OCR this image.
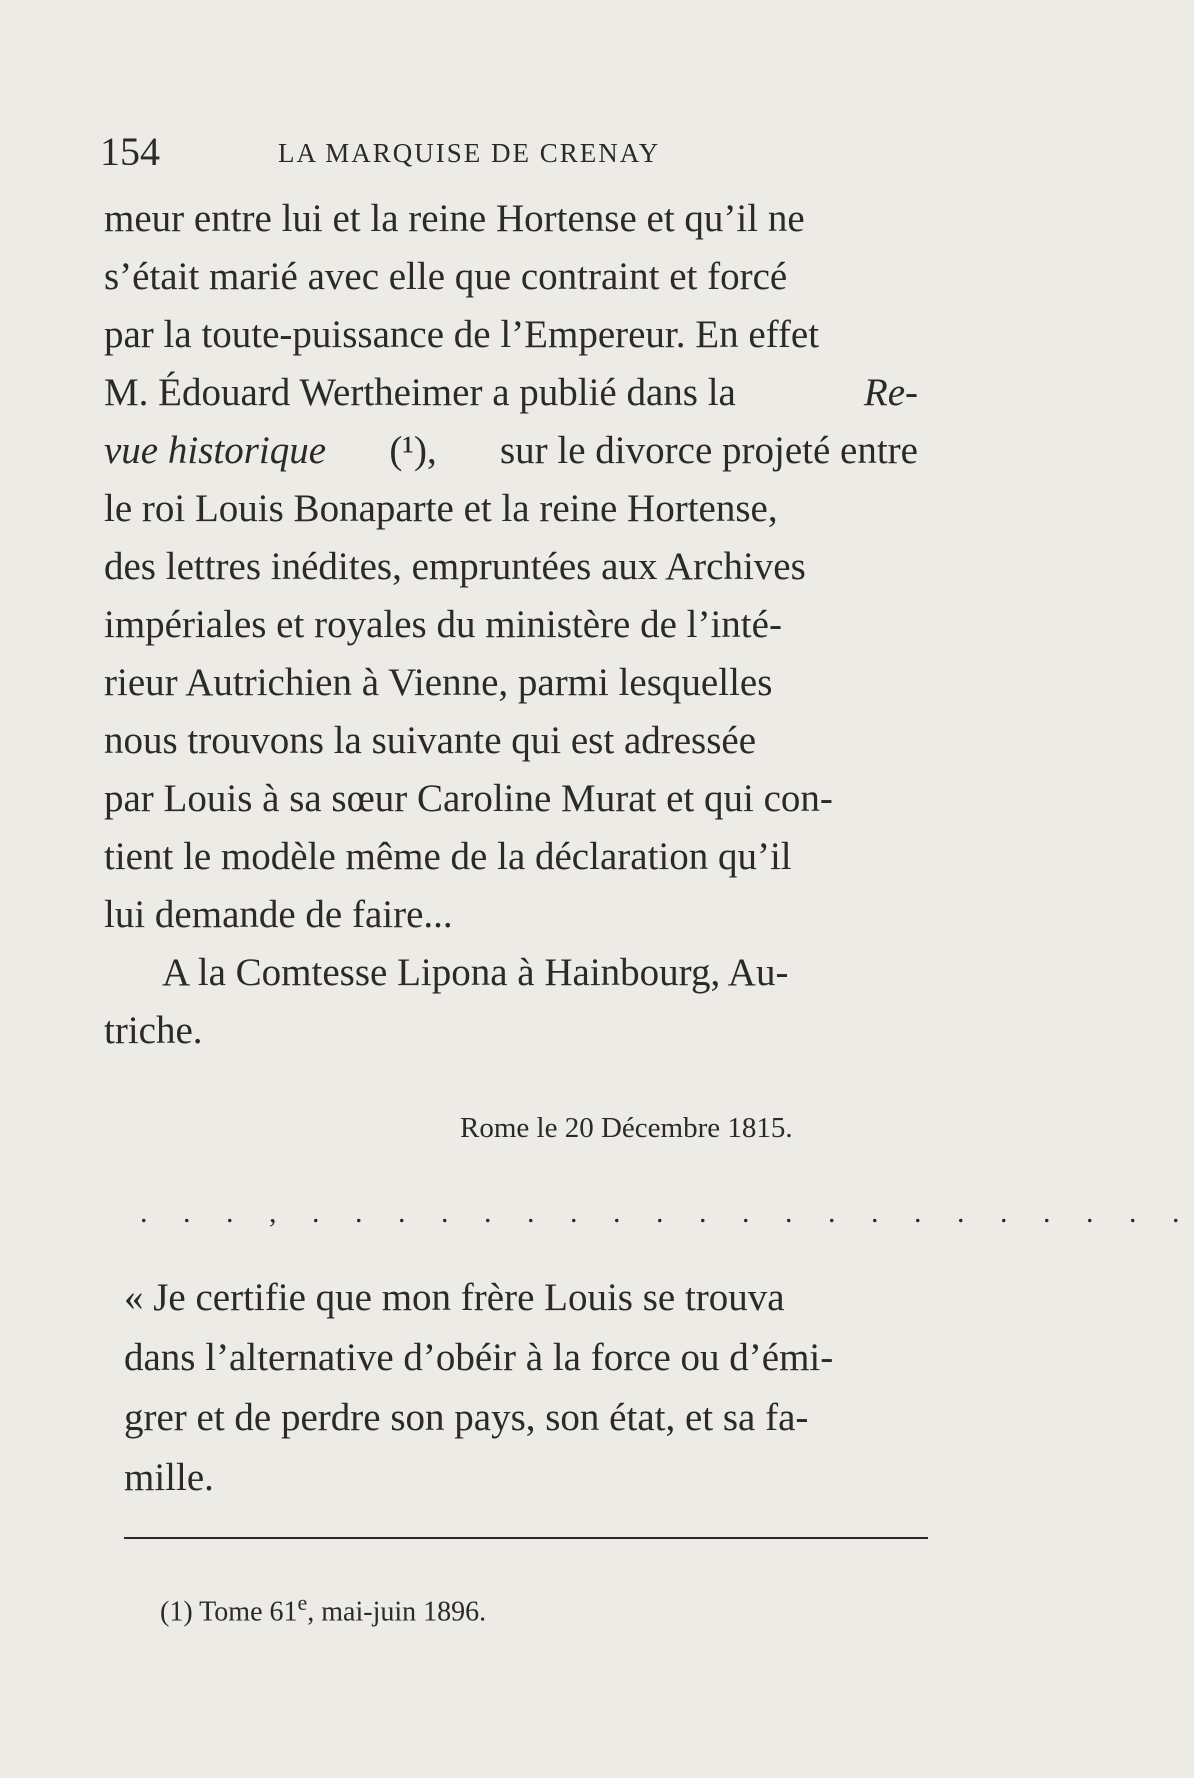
154	LA MARQUISE DE CRENAY
meur entre lui et la reine Hortense et qu’il ne
s’était marié avec elle que contraint et forcé
par la toute-puissance de l’Empereur. En effet
M. Édouard Wertheimer a publié dans la	Re-
vue historique (¹), sur le divorce projeté entre
le roi Louis Bonaparte et la reine Hortense,
des lettres inédites, empruntées aux Archives
impériales et royales du ministère de l’inté-
rieur Autrichien à Vienne, parmi lesquelles
nous trouvons la suivante qui est adressée
par Louis à sa sœur Caroline Murat et qui con-
tient le modèle même de la déclaration qu’il
lui demande de faire...
A la Comtesse Lipona à Hainbourg, Au-
triche.
Rome le 20 Décembre 1815.
. . . , . . . . . . . . . . . . . . . . . . . . .
« Je certifie que mon frère Louis se trouva
dans l’alternative d’obéir à la force ou d’émi-
grer et de perdre son pays, son état, et sa fa-
mille.
(1) Tome 61e, mai-juin 1896.
